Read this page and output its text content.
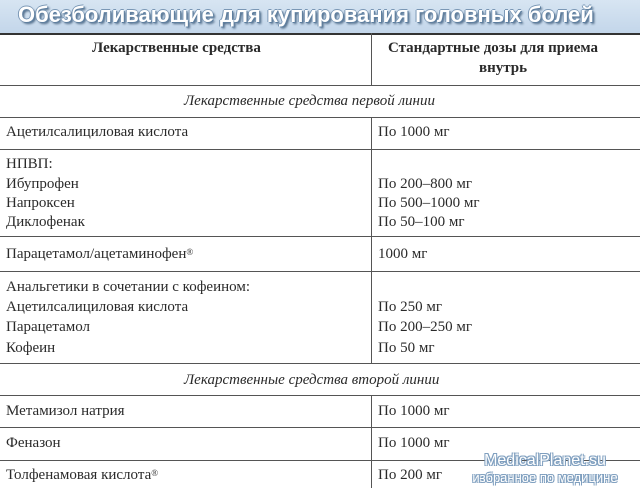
Обезболивающие для купирования головных болей
Лекарственные средства	Стандартные дозы для приема
внутрь
Лекарственные средства первой линии
Ацетилсалициловая кислота	По 1000 мг
НПВП:
Ибупрофен	По 200–800 мг
Напроксен	По 500–1000 мг
Диклофенак	По 50–100 мг
Парацетамол/ацетаминофен®	1000 мг
Анальгетики в сочетании с кофеином:
Ацетилсалициловая кислота	По 250 мг
Парацетамол	По 200–250 мг
Кофеин	По 50 мг
Лекарственные средства второй линии
Метамизол натрия	По 1000 мг
Феназон	По 1000 мг
Толфенамовая кислота®	По 200 мг
MedicalPlanet.su
избранное по медицине
